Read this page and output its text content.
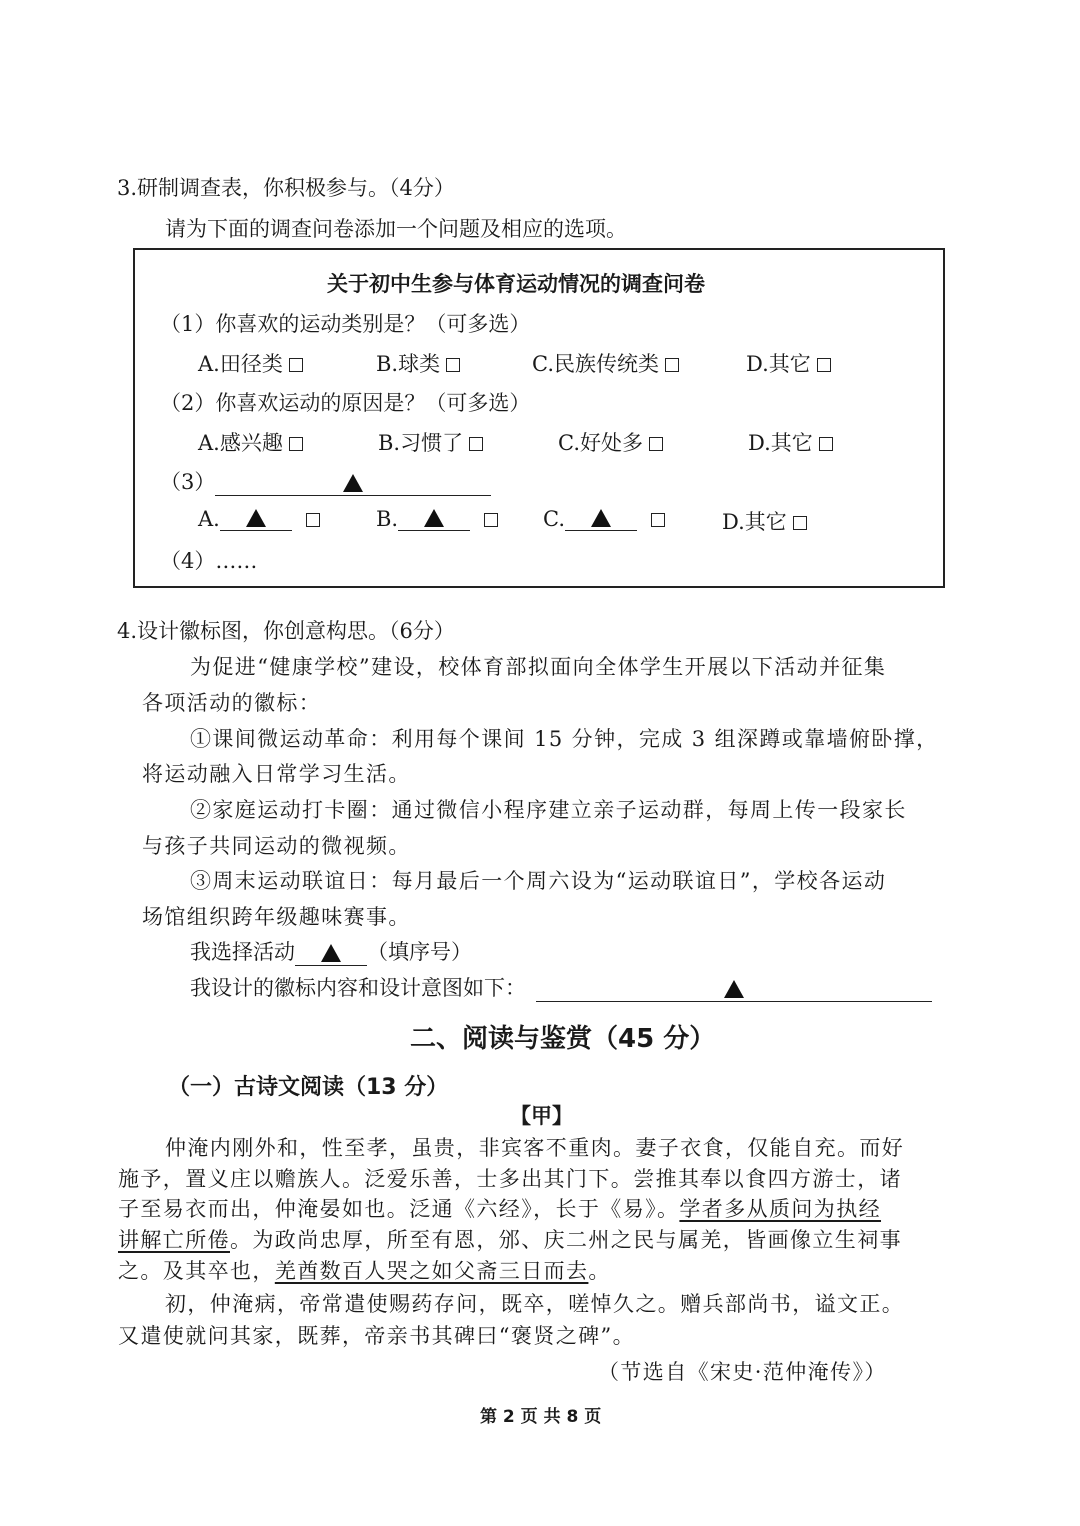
3.研制调查表，你积极参与。（4分）
请为下面的调查问卷添加一个问题及相应的选项。
关于初中生参与体育运动情况的调查问卷
（1）你喜欢的运动类别是？（可多选）
A.田径类	B.球类	C.民族传统类	D.其它
（2）你喜欢运动的原因是？（可多选）
A.感兴趣	B.习惯了	C.好处多	D.其它
（3）
A.	B.	C.	D.其它
（4）……
4.设计徽标图，你创意构思。（6分）
为促进“健康学校”建设，校体育部拟面向全体学生开展以下活动并征集
各项活动的徽标：
①课间微运动革命：利用每个课间 15 分钟，完成 3 组深蹲或靠墙俯卧撑，
将运动融入日常学习生活。
②家庭运动打卡圈：通过微信小程序建立亲子运动群，每周上传一段家长
与孩子共同运动的微视频。
③周末运动联谊日：每月最后一个周六设为“运动联谊日”，学校各运动
场馆组织跨年级趣味赛事。
我选择活动	（填序号）
我设计的徽标内容和设计意图如下：
二、阅读与鉴赏（45 分）
（一）古诗文阅读（13 分）
【甲】
仲淹内刚外和，性至孝，虽贵，非宾客不重肉。妻子衣食，仅能自充。而好
施予，置义庄以赡族人。泛爱乐善，士多出其门下。尝推其奉以食四方游士，诸
子至易衣而出，仲淹晏如也。泛通《六经》，长于《易》。学者多从质问为执经
讲解亡所倦。为政尚忠厚，所至有恩，邠、庆二州之民与属羌，皆画像立生祠事
之。及其卒也，羌酋数百人哭之如父斋三日而去。
初，仲淹病，帝常遣使赐药存问，既卒，嗟悼久之。赠兵部尚书，谥文正。
又遣使就问其家，既葬，帝亲书其碑曰“褒贤之碑”。
（节选自《宋史·范仲淹传》）
第 2 页 共 8 页
